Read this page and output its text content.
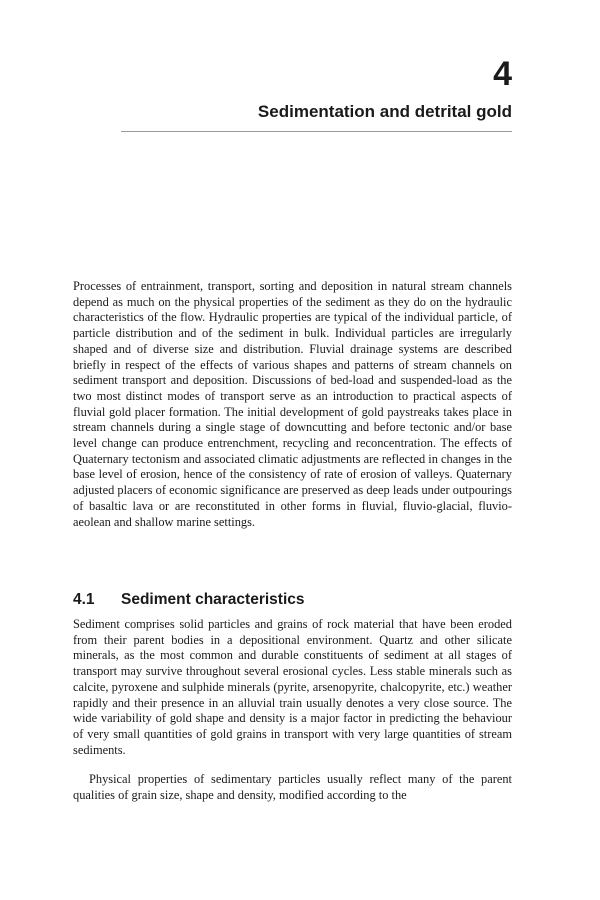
4
Sedimentation and detrital gold

Processes of entrainment, transport, sorting and deposition in natural stream channels depend as much on the physical properties of the sediment as they do on the hydraulic characteristics of the flow. Hydraulic properties are typical of the individual particle, of particle distribution and of the sediment in bulk. Individual particles are irregularly shaped and of diverse size and distribution. Fluvial drainage systems are described briefly in respect of the effects of various shapes and patterns of stream channels on sediment transport and deposition. Discussions of bed-load and suspended-load as the two most distinct modes of transport serve as an introduction to practical aspects of fluvial gold placer formation. The initial development of gold paystreaks takes place in stream channels during a single stage of downcutting and before tectonic and/or base level change can produce entrenchment, recycling and reconcentration. The effects of Quaternary tectonism and associated climatic adjustments are reflected in changes in the base level of erosion, hence of the consistency of rate of erosion of valleys. Quaternary adjusted placers of economic significance are preserved as deep leads under outpourings of basaltic lava or are reconstituted in other forms in fluvial, fluvio-glacial, fluvio-aeolean and shallow marine settings.

4.1 Sediment characteristics

Sediment comprises solid particles and grains of rock material that have been eroded from their parent bodies in a depositional environment. Quartz and other silicate minerals, as the most common and durable constituents of sediment at all stages of transport may survive throughout several erosional cycles. Less stable minerals such as calcite, pyroxene and sulphide minerals (pyrite, arsenopyrite, chalcopyrite, etc.) weather rapidly and their presence in an alluvial train usually denotes a very close source. The wide variability of gold shape and density is a major factor in predicting the behaviour of very small quantities of gold grains in transport with very large quantities of stream sediments.

Physical properties of sedimentary particles usually reflect many of the parent qualities of grain size, shape and density, modified according to the
